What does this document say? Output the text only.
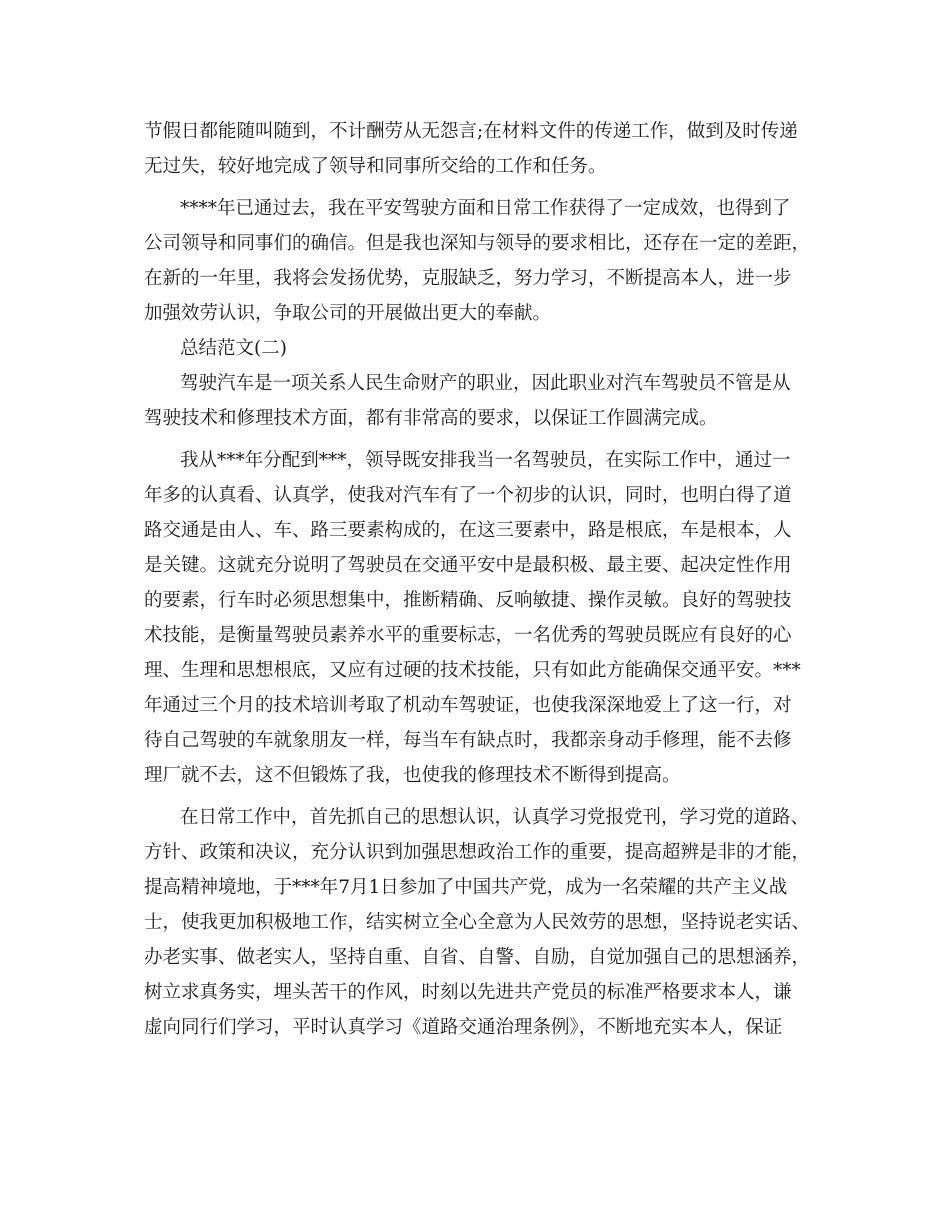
节假日都能随叫随到，不计酬劳从无怨言;在材料文件的传递工作，做到及时传递

无过失，较好地完成了领导和同事所交给的工作和任务。

****年已通过去，我在平安驾驶方面和日常工作获得了一定成效，也得到了

公司领导和同事们的确信。但是我也深知与领导的要求相比，还存在一定的差距，

在新的一年里，我将会发扬优势，克服缺乏，努力学习，不断提高本人，进一步

加强效劳认识，争取公司的开展做出更大的奉献。

总结范文(二)

驾驶汽车是一项关系人民生命财产的职业，因此职业对汽车驾驶员不管是从

驾驶技术和修理技术方面，都有非常高的要求，以保证工作圆满完成。

我从***年分配到***，领导既安排我当一名驾驶员，在实际工作中，通过一

年多的认真看、认真学，使我对汽车有了一个初步的认识，同时，也明白得了道

路交通是由人、车、路三要素构成的，在这三要素中，路是根底，车是根本，人

是关键。这就充分说明了驾驶员在交通平安中是最积极、最主要、起决定性作用

的要素，行车时必须思想集中，推断精确、反响敏捷、操作灵敏。良好的驾驶技

术技能，是衡量驾驶员素养水平的重要标志，一名优秀的驾驶员既应有良好的心

理、生理和思想根底，又应有过硬的技术技能，只有如此方能确保交通平安。***

年通过三个月的技术培训考取了机动车驾驶证，也使我深深地爱上了这一行，对

待自己驾驶的车就象朋友一样，每当车有缺点时，我都亲身动手修理，能不去修

理厂就不去，这不但锻炼了我，也使我的修理技术不断得到提高。

在日常工作中，首先抓自己的思想认识，认真学习党报党刊，学习党的道路、

方针、政策和决议，充分认识到加强思想政治工作的重要，提高超辨是非的才能，

提高精神境地，于***年7月1日参加了中国共产党，成为一名荣耀的共产主义战

士，使我更加积极地工作，结实树立全心全意为人民效劳的思想，坚持说老实话、

办老实事、做老实人，坚持自重、自省、自警、自励，自觉加强自己的思想涵养，

树立求真务实，埋头苦干的作风，时刻以先进共产党员的标准严格要求本人，谦

虚向同行们学习，平时认真学习《道路交通治理条例》，不断地充实本人，保证
